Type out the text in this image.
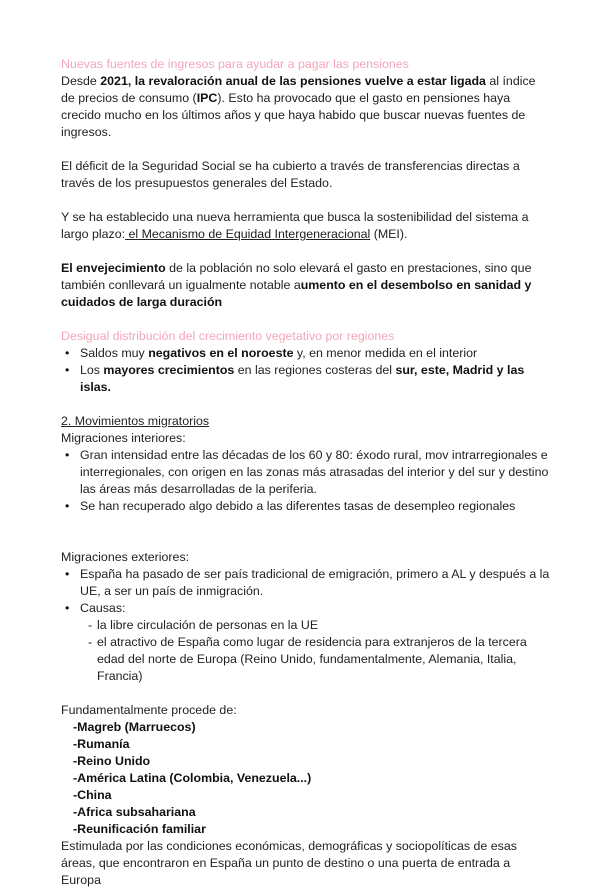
Nuevas fuentes de ingresos para ayudar a pagar las pensiones

Desde 2021, la revaloración anual de las pensiones vuelve a estar ligada al índice de precios de consumo (IPC). Esto ha provocado que el gasto en pensiones haya crecido mucho en los últimos años y que haya habido que buscar nuevas fuentes de ingresos.

El déficit de la Seguridad Social se ha cubierto a través de transferencias directas a través de los presupuestos generales del Estado.

Y se ha establecido una nueva herramienta que busca la sostenibilidad del sistema a largo plazo: el Mecanismo de Equidad Intergeneracional (MEI).

El envejecimiento de la población no solo elevará el gasto en prestaciones, sino que también conllevará un igualmente notable aumento en el desembolso en sanidad y cuidados de larga duración

Desigual distribución del crecimiento vegetativo por regiones

• Saldos muy negativos en el noroeste y, en menor medida en el interior
• Los mayores crecimientos en las regiones costeras del sur, este, Madrid y las islas.

2. Movimientos migratorios

Migraciones interiores:

• Gran intensidad entre las décadas de los 60 y 80: éxodo rural, mov intrarregionales e interregionales, con origen en las zonas más atrasadas del interior y del sur y destino las áreas más desarrolladas de la periferia.
• Se han recuperado algo debido a las diferentes tasas de desempleo regionales

Migraciones exteriores:

• España ha pasado de ser país tradicional de emigración, primero a AL y después a la UE, a ser un país de inmigración.
• Causas:
- la libre circulación de personas en la UE
- el atractivo de España como lugar de residencia para extranjeros de la tercera edad del norte de Europa (Reino Unido, fundamentalmente, Alemania, Italia, Francia)

Fundamentalmente procede de:

-Magreb (Marruecos)
-Rumanía
-Reino Unido
-América Latina (Colombia, Venezuela...)
-China
-Africa subsahariana
-Reunificación familiar

Estimulada por las condiciones económicas, demográficas y sociopolíticas de esas áreas, que encontraron en España un punto de destino o una puerta de entrada a Europa
